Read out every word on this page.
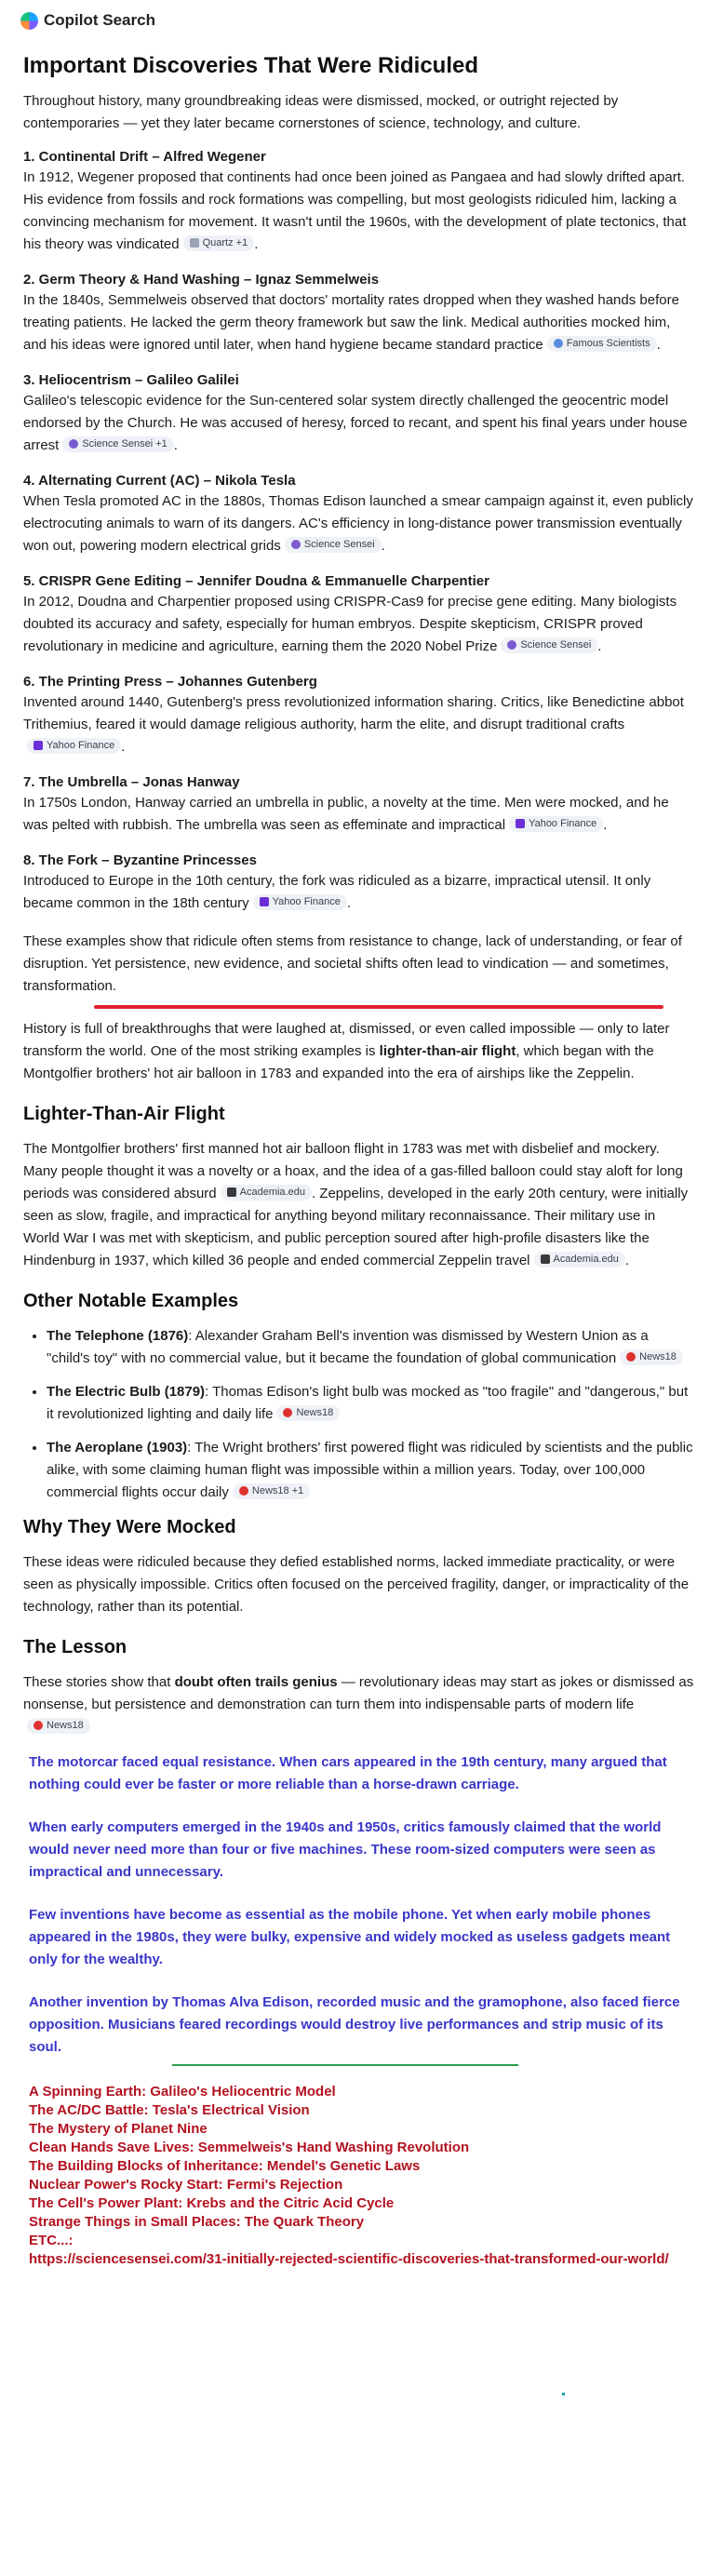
Copilot Search
Important Discoveries That Were Ridiculed

Throughout history, many groundbreaking ideas were dismissed, mocked, or outright rejected by contemporaries — yet they later became cornerstones of science, technology, and culture.

1. Continental Drift – Alfred Wegener

In 1912, Wegener proposed that continents had once been joined as Pangaea and had slowly drifted apart. His evidence from fossils and rock formations was compelling, but most geologists ridiculed him, lacking a convincing mechanism for movement. It wasn't until the 1960s, with the development of plate tectonics, that his theory was vindicated Quartz +1 .

2. Germ Theory & Hand Washing – Ignaz Semmelweis

In the 1840s, Semmelweis observed that doctors' mortality rates dropped when they washed hands before treating patients. He lacked the germ theory framework but saw the link. Medical authorities mocked him, and his ideas were ignored until later, when hand hygiene became standard practice Famous Scientists .

3. Heliocentrism – Galileo Galilei

Galileo's telescopic evidence for the Sun-centered solar system directly challenged the geocentric model endorsed by the Church. He was accused of heresy, forced to recant, and spent his final years under house arrest Science Sensei +1 .

4. Alternating Current (AC) – Nikola Tesla

When Tesla promoted AC in the 1880s, Thomas Edison launched a smear campaign against it, even publicly electrocuting animals to warn of its dangers. AC's efficiency in long-distance power transmission eventually won out, powering modern electrical grids Science Sensei .

5. CRISPR Gene Editing – Jennifer Doudna & Emmanuelle Charpentier

In 2012, Doudna and Charpentier proposed using CRISPR-Cas9 for precise gene editing. Many biologists doubted its accuracy and safety, especially for human embryos. Despite skepticism, CRISPR proved revolutionary in medicine and agriculture, earning them the 2020 Nobel Prize Science Sensei .

6. The Printing Press – Johannes Gutenberg

Invented around 1440, Gutenberg's press revolutionized information sharing. Critics, like Benedictine abbot Trithemius, feared it would damage religious authority, harm the elite, and disrupt traditional crafts
Yahoo Finance .

7. The Umbrella – Jonas Hanway

In 1750s London, Hanway carried an umbrella in public, a novelty at the time. Men were mocked, and he was pelted with rubbish. The umbrella was seen as effeminate and impractical Yahoo Finance .

8. The Fork – Byzantine Princesses

Introduced to Europe in the 10th century, the fork was ridiculed as a bizarre, impractical utensil. It only became common in the 18th century Yahoo Finance .

These examples show that ridicule often stems from resistance to change, lack of understanding, or fear of disruption. Yet persistence, new evidence, and societal shifts often lead to vindication — and sometimes, transformation.

History is full of breakthroughs that were laughed at, dismissed, or even called impossible — only to later transform the world. One of the most striking examples is lighter-than-air flight, which began with the Montgolfier brothers' hot air balloon in 1783 and expanded into the era of airships like the Zeppelin.

Lighter-Than-Air Flight

The Montgolfier brothers' first manned hot air balloon flight in 1783 was met with disbelief and mockery. Many people thought it was a novelty or a hoax, and the idea of a gas-filled balloon could stay aloft for long periods was considered absurd Academia.edu . Zeppelins, developed in the early 20th century, were initially seen as slow, fragile, and impractical for anything beyond military reconnaissance. Their military use in World War I was met with skepticism, and public perception soured after high-profile disasters like the Hindenburg in 1937, which killed 36 people and ended commercial Zeppelin travel Academia.edu .

Other Notable Examples
• The Telephone (1876): Alexander Graham Bell's invention was dismissed by Western Union as a "child's toy" with no commercial value, but it became the foundation of global communication News18
• The Electric Bulb (1879): Thomas Edison's light bulb was mocked as "too fragile" and "dangerous," but it revolutionized lighting and daily life News18
• The Aeroplane (1903): The Wright brothers' first powered flight was ridiculed by scientists and the public alike, with some claiming human flight was impossible within a million years. Today, over 100,000 commercial flights occur daily News18 +1
Why They Were Mocked

These ideas were ridiculed because they defied established norms, lacked immediate practicality, or were seen as physically impossible. Critics often focused on the perceived fragility, danger, or impracticality of the technology, rather than its potential.

The Lesson

These stories show that doubt often trails genius — revolutionary ideas may start as jokes or dismissed as nonsense, but persistence and demonstration can turn them into indispensable parts of modern life
News18

The motorcar faced equal resistance. When cars appeared in the 19th century, many argued that nothing could ever be faster or more reliable than a horse-drawn carriage.

When early computers emerged in the 1940s and 1950s, critics famously claimed that the world would never need more than four or five machines. These room-sized computers were seen as impractical and unnecessary.

Few inventions have become as essential as the mobile phone. Yet when early mobile phones appeared in the 1980s, they were bulky, expensive and widely mocked as useless gadgets meant only for the wealthy.

Another invention by Thomas Alva Edison, recorded music and the gramophone, also faced fierce opposition. Musicians feared recordings would destroy live performances and strip music of its soul.

A Spinning Earth: Galileo's Heliocentric Model

The AC/DC Battle: Tesla's Electrical Vision

The Mystery of Planet Nine

Clean Hands Save Lives: Semmelweis's Hand Washing Revolution

The Building Blocks of Inheritance: Mendel's Genetic Laws

Nuclear Power's Rocky Start: Fermi's Rejection

The Cell's Power Plant: Krebs and the Citric Acid Cycle

Strange Things in Small Places: The Quark Theory

ETC...:

https://sciencesensei.com/31-initially-rejected-scientific-discoveries-that-transformed-our-world/
